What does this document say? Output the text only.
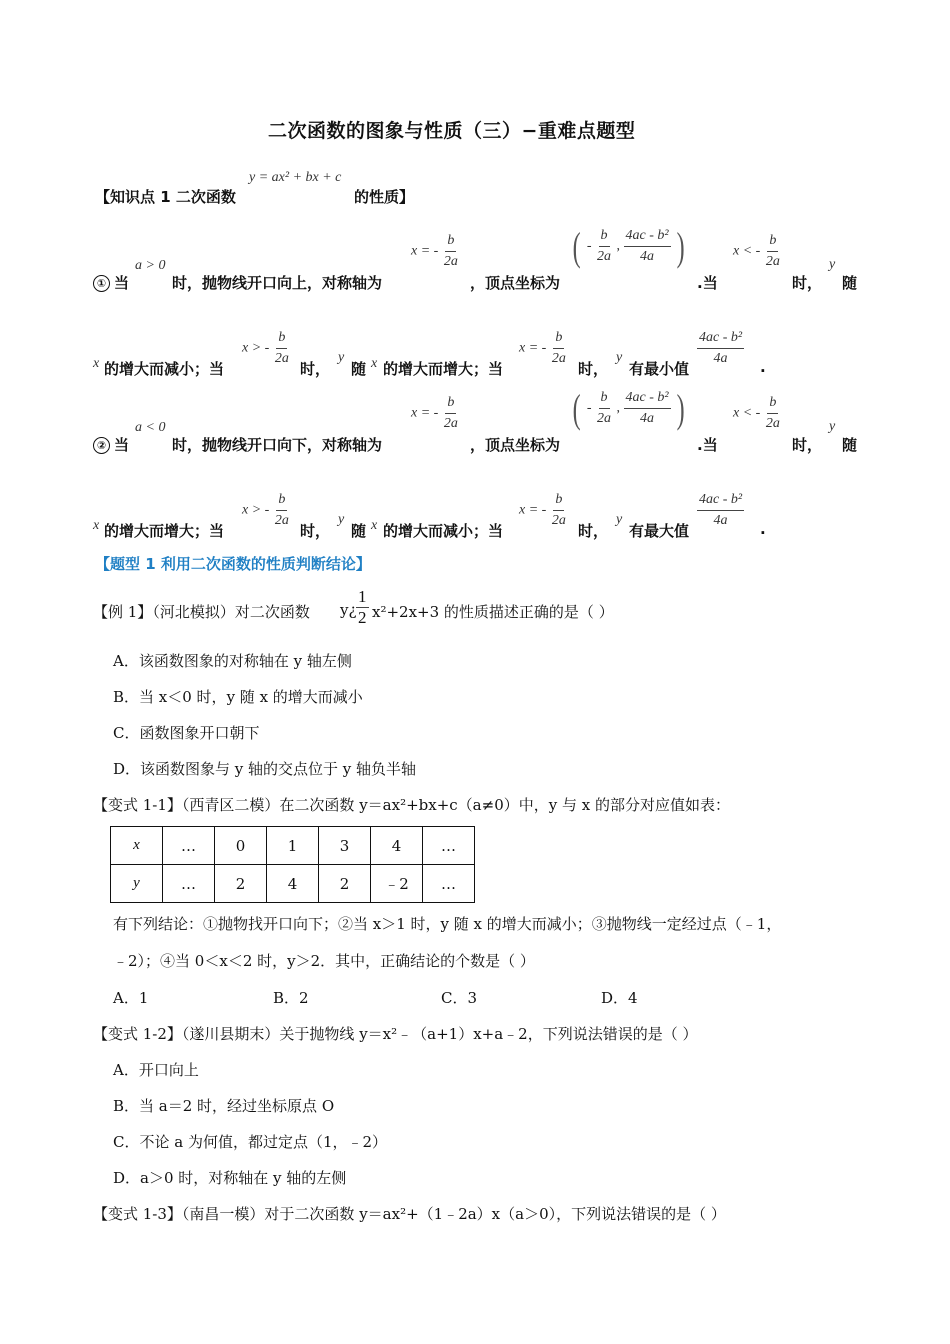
二次函数的图象与性质（三）−重难点题型
【知识点 1 二次函数
y = ax² + bx + c
的性质】
① 当
a > 0
时，抛物线开口向上，对称轴为
x = - $\frac{b}{2a}$
，顶点坐标为
( - $\frac{b}{2a}$ , $\frac{\text{4ac - b²}}{4a}$ )
.当
x < - $\frac{b}{2a}$
时，
y
随
x 的增大而减小；当
x > - $\frac{b}{2a}$
时，
y
随 x 的增大而增大；当
x = - $\frac{b}{2a}$
时，
y
有最小值
$\frac{\text{4ac - b²}}{4a}$ .
② 当
a < 0
时，抛物线开口向下，对称轴为
x = - $\frac{b}{2a}$
，顶点坐标为
( - $\frac{b}{2a}$ , $\frac{\text{4ac - b²}}{4a}$ )
.当
x < - $\frac{b}{2a}$
时，
y
随
x 的增大而增大；当
x > - $\frac{b}{2a}$
时，
y
随 x 的增大而减小；当
x = - $\frac{b}{2a}$
时，
y
有最大值
$\frac{\text{4ac - b²}}{4a}$ .
【题型 1 利用二次函数的性质判断结论】
【例 1】（河北模拟）对二次函数 y¿ $\frac{1}{2} x^2+2x+3$ 的性质描述正确的是（ ）
A．该函数图象的对称轴在 y 轴左侧
B．当 x＜0 时，y 随 x 的增大而减小
C．函数图象开口朝下
D．该函数图象与 y 轴的交点位于 y 轴负半轴
【变式 1-1】（西青区二模）在二次函数 y＝ax²+bx+c（a≠0）中，y 与 x 的部分对应值如表：
x	…	0	1	3	4	…
y	…	2	4	2	﹣2	…
有下列结论：①抛物找开口向下；②当 x＞1 时，y 随 x 的增大而减小；③抛物线一定经过点（﹣1，
﹣2）；④当 0＜x＜2 时，y＞2．其中，正确结论的个数是（ ）
A．1	B．2	C．3	D．4
【变式 1-2】（遂川县期末）关于抛物线 y＝x²﹣（a+1）x+a﹣2，下列说法错误的是（ ）
A．开口向上
B．当 a＝2 时，经过坐标原点 O
C．不论 a 为何值，都过定点（1，﹣2）
D．a＞0 时，对称轴在 y 轴的左侧
【变式 1-3】（南昌一模）对于二次函数 y＝ax²+（1﹣2a）x（a＞0），下列说法错误的是（ ）
